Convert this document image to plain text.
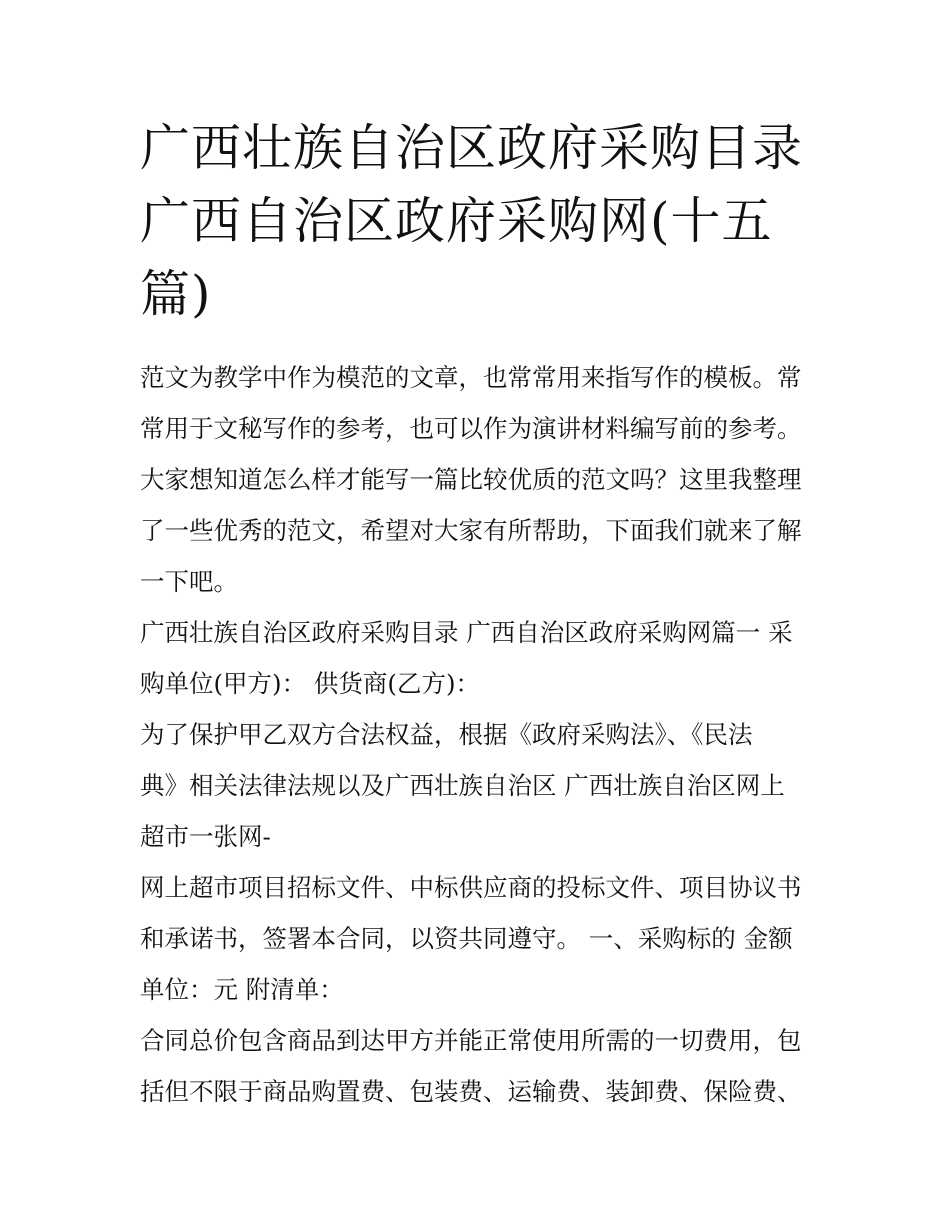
广西壮族自治区政府采购目录
广西自治区政府采购网(十五
篇)

范文为教学中作为模范的文章，也常常用来指写作的模板。常
常用于文秘写作的参考，也可以作为演讲材料编写前的参考。
大家想知道怎么样才能写一篇比较优质的范文吗？这里我整理
了一些优秀的范文，希望对大家有所帮助，下面我们就来了解
一下吧。

广西壮族自治区政府采购目录 广西自治区政府采购网篇一 采
购单位(甲方)： 供货商(乙方)：

为了保护甲乙双方合法权益，根据《政府采购法》、《民法
典》相关法律法规以及广西壮族自治区 广西壮族自治区网上
超市一张网-

网上超市项目招标文件、中标供应商的投标文件、项目协议书
和承诺书，签署本合同，以资共同遵守。 一、采购标的 金额
单位：元 附清单：

合同总价包含商品到达甲方并能正常使用所需的一切费用，包
括但不限于商品购置费、包装费、运输费、装卸费、保险费、
